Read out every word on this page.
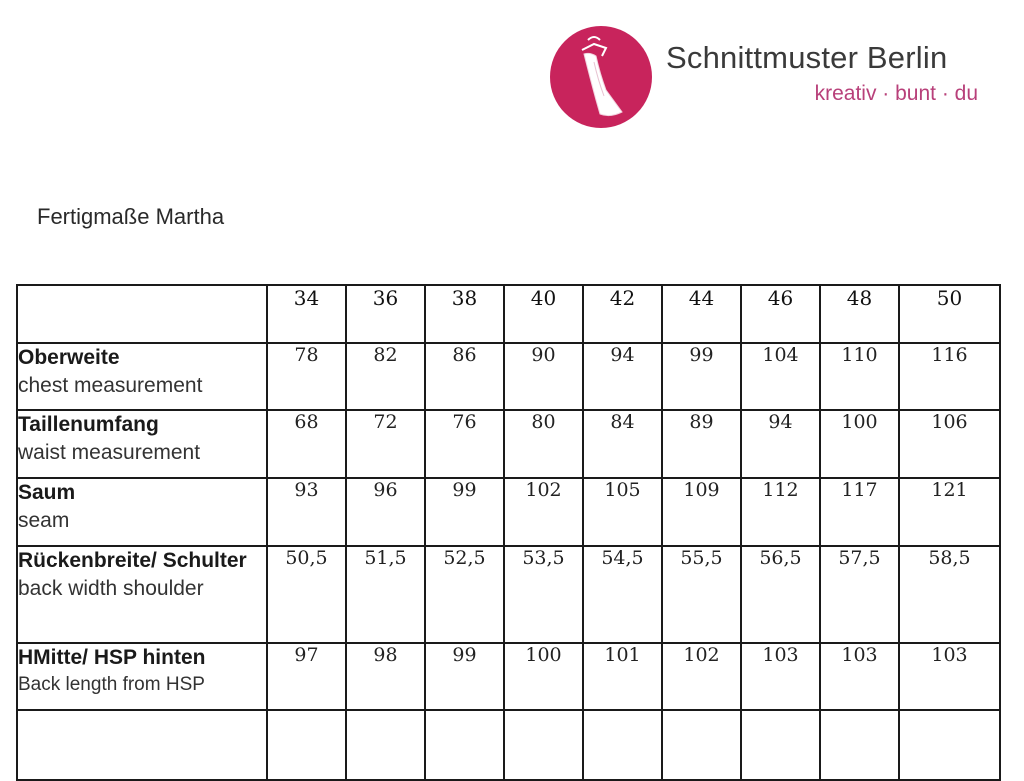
Schnittmuster Berlin
kreativ · bunt · du
Fertigmaße Martha
	34	36	38	40	42	44	46	48	50

Oberweite
chest measurement	78	82	86	90	94	99	104	110	116

Taillenumfang
waist measurement	68	72	76	80	84	89	94	100	106

Saum
seam	93	96	99	102	105	109	112	117	121

Rückenbreite/ Schulter
back width shoulder	50,5	51,5	52,5	53,5	54,5	55,5	56,5	57,5	58,5

HMitte/ HSP hinten
Back length from HSP	97	98	99	100	101	102	103	103	103
